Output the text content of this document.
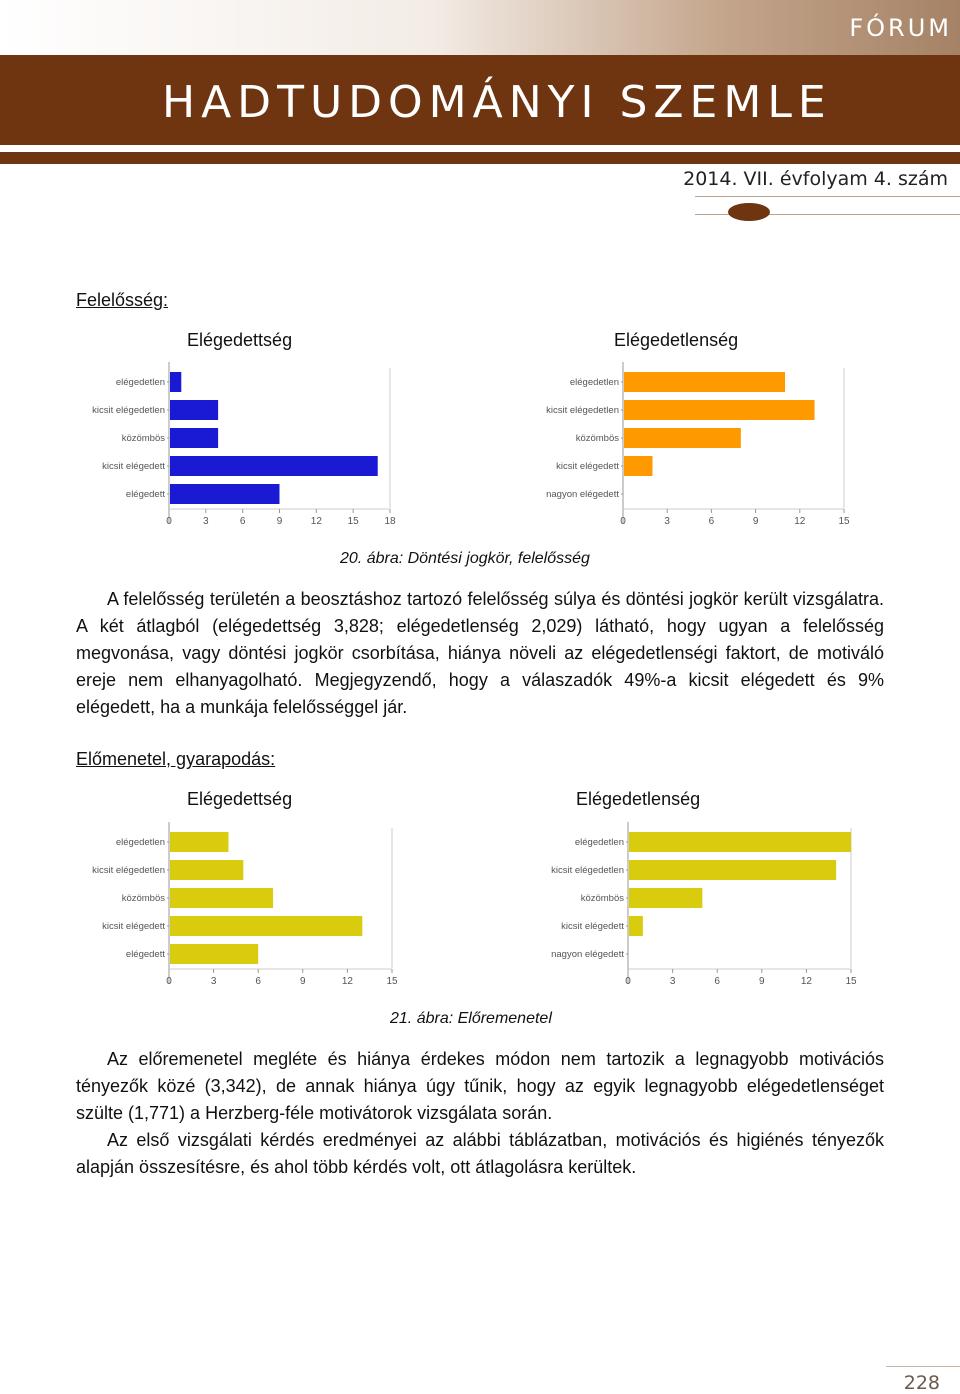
FÓRUM
HADTUDOMÁNYI SZEMLE
2014. VII. évfolyam 4. szám
Felelősség:
Elégedettség	Elégedetlenség
elégedetlen
kicsit elégedetlen
közömbös
kicsit elégedett
elégedett
0	3	6	9	12	15	18
elégedetlen
kicsit elégedetlen
közömbös
kicsit elégedett
nagyon elégedett
0	3	6	9	12	15
20. ábra: Döntési jogkör, felelősség

A felelősség területén a beosztáshoz tartozó felelősség súlya és döntési jogkör került vizsgálatra. A két átlagból (elégedettség 3,828; elégedetlenség 2,029) látható, hogy ugyan a felelősség megvonása, vagy döntési jogkör csorbítása, hiánya növeli az elégedetlenségi faktort, de motiváló ereje nem elhanyagolható. Megjegyzendő, hogy a válaszadók 49%-a kicsit elégedett és 9% elégedett, ha a munkája felelősséggel jár.

Előmenetel, gyarapodás:
Elégedettség	Elégedetlenség
elégedetlen
kicsit elégedetlen
közömbös
kicsit elégedett
elégedett
0	3	6	9	12	15
elégedetlen
kicsit elégedetlen
közömbös
kicsit elégedett
nagyon elégedett
0	3	6	9	12	15
21. ábra: Előremenetel

Az előremenetel megléte és hiánya érdekes módon nem tartozik a legnagyobb motivációs tényezők közé (3,342), de annak hiánya úgy tűnik, hogy az egyik legnagyobb elégedetlenséget szülte (1,771) a Herzberg-féle motivátorok vizsgálata során.

Az első vizsgálati kérdés eredményei az alábbi táblázatban, motivációs és higiénés tényezők alapján összesítésre, és ahol több kérdés volt, ott átlagolásra kerültek.

228
